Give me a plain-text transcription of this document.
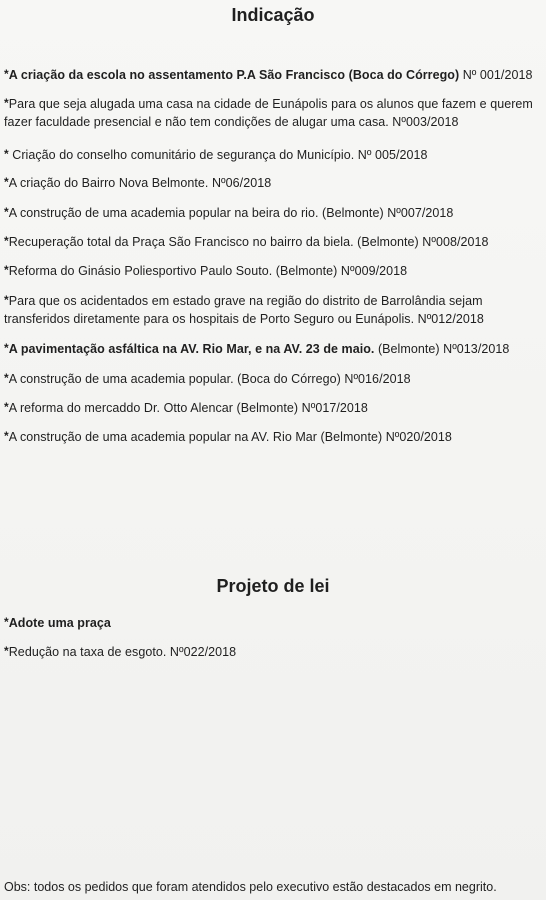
Indicação
*A criação da escola no assentamento P.A São Francisco (Boca do Córrego) Nº 001/2018
*Para que seja alugada uma casa na cidade de Eunápolis para os alunos que fazem e querem fazer faculdade presencial e não tem condições de alugar uma casa. Nº003/2018
* Criação do conselho comunitário de segurança do Município. Nº 005/2018
*A criação do Bairro Nova Belmonte. Nº06/2018
*A construção de uma academia popular na beira do rio. (Belmonte) Nº007/2018
*Recuperação total da Praça São Francisco no bairro da biela. (Belmonte) Nº008/2018
*Reforma do Ginásio Poliesportivo Paulo Souto. (Belmonte) Nº009/2018
*Para que os acidentados em estado grave na região do distrito de Barrolândia sejam transferidos diretamente para os hospitais de Porto Seguro ou Eunápolis. Nº012/2018
*A pavimentação asfáltica na AV. Rio Mar, e na AV. 23 de maio. (Belmonte) Nº013/2018
*A construção de uma academia popular. (Boca do Córrego) Nº016/2018
*A reforma do mercaddo Dr. Otto Alencar (Belmonte) Nº017/2018
*A construção de uma academia popular na AV. Rio Mar (Belmonte) Nº020/2018
Projeto de lei
*Adote uma praça
*Redução na taxa de esgoto. Nº022/2018
Obs: todos os pedidos que foram atendidos pelo executivo estão destacados em negrito.
